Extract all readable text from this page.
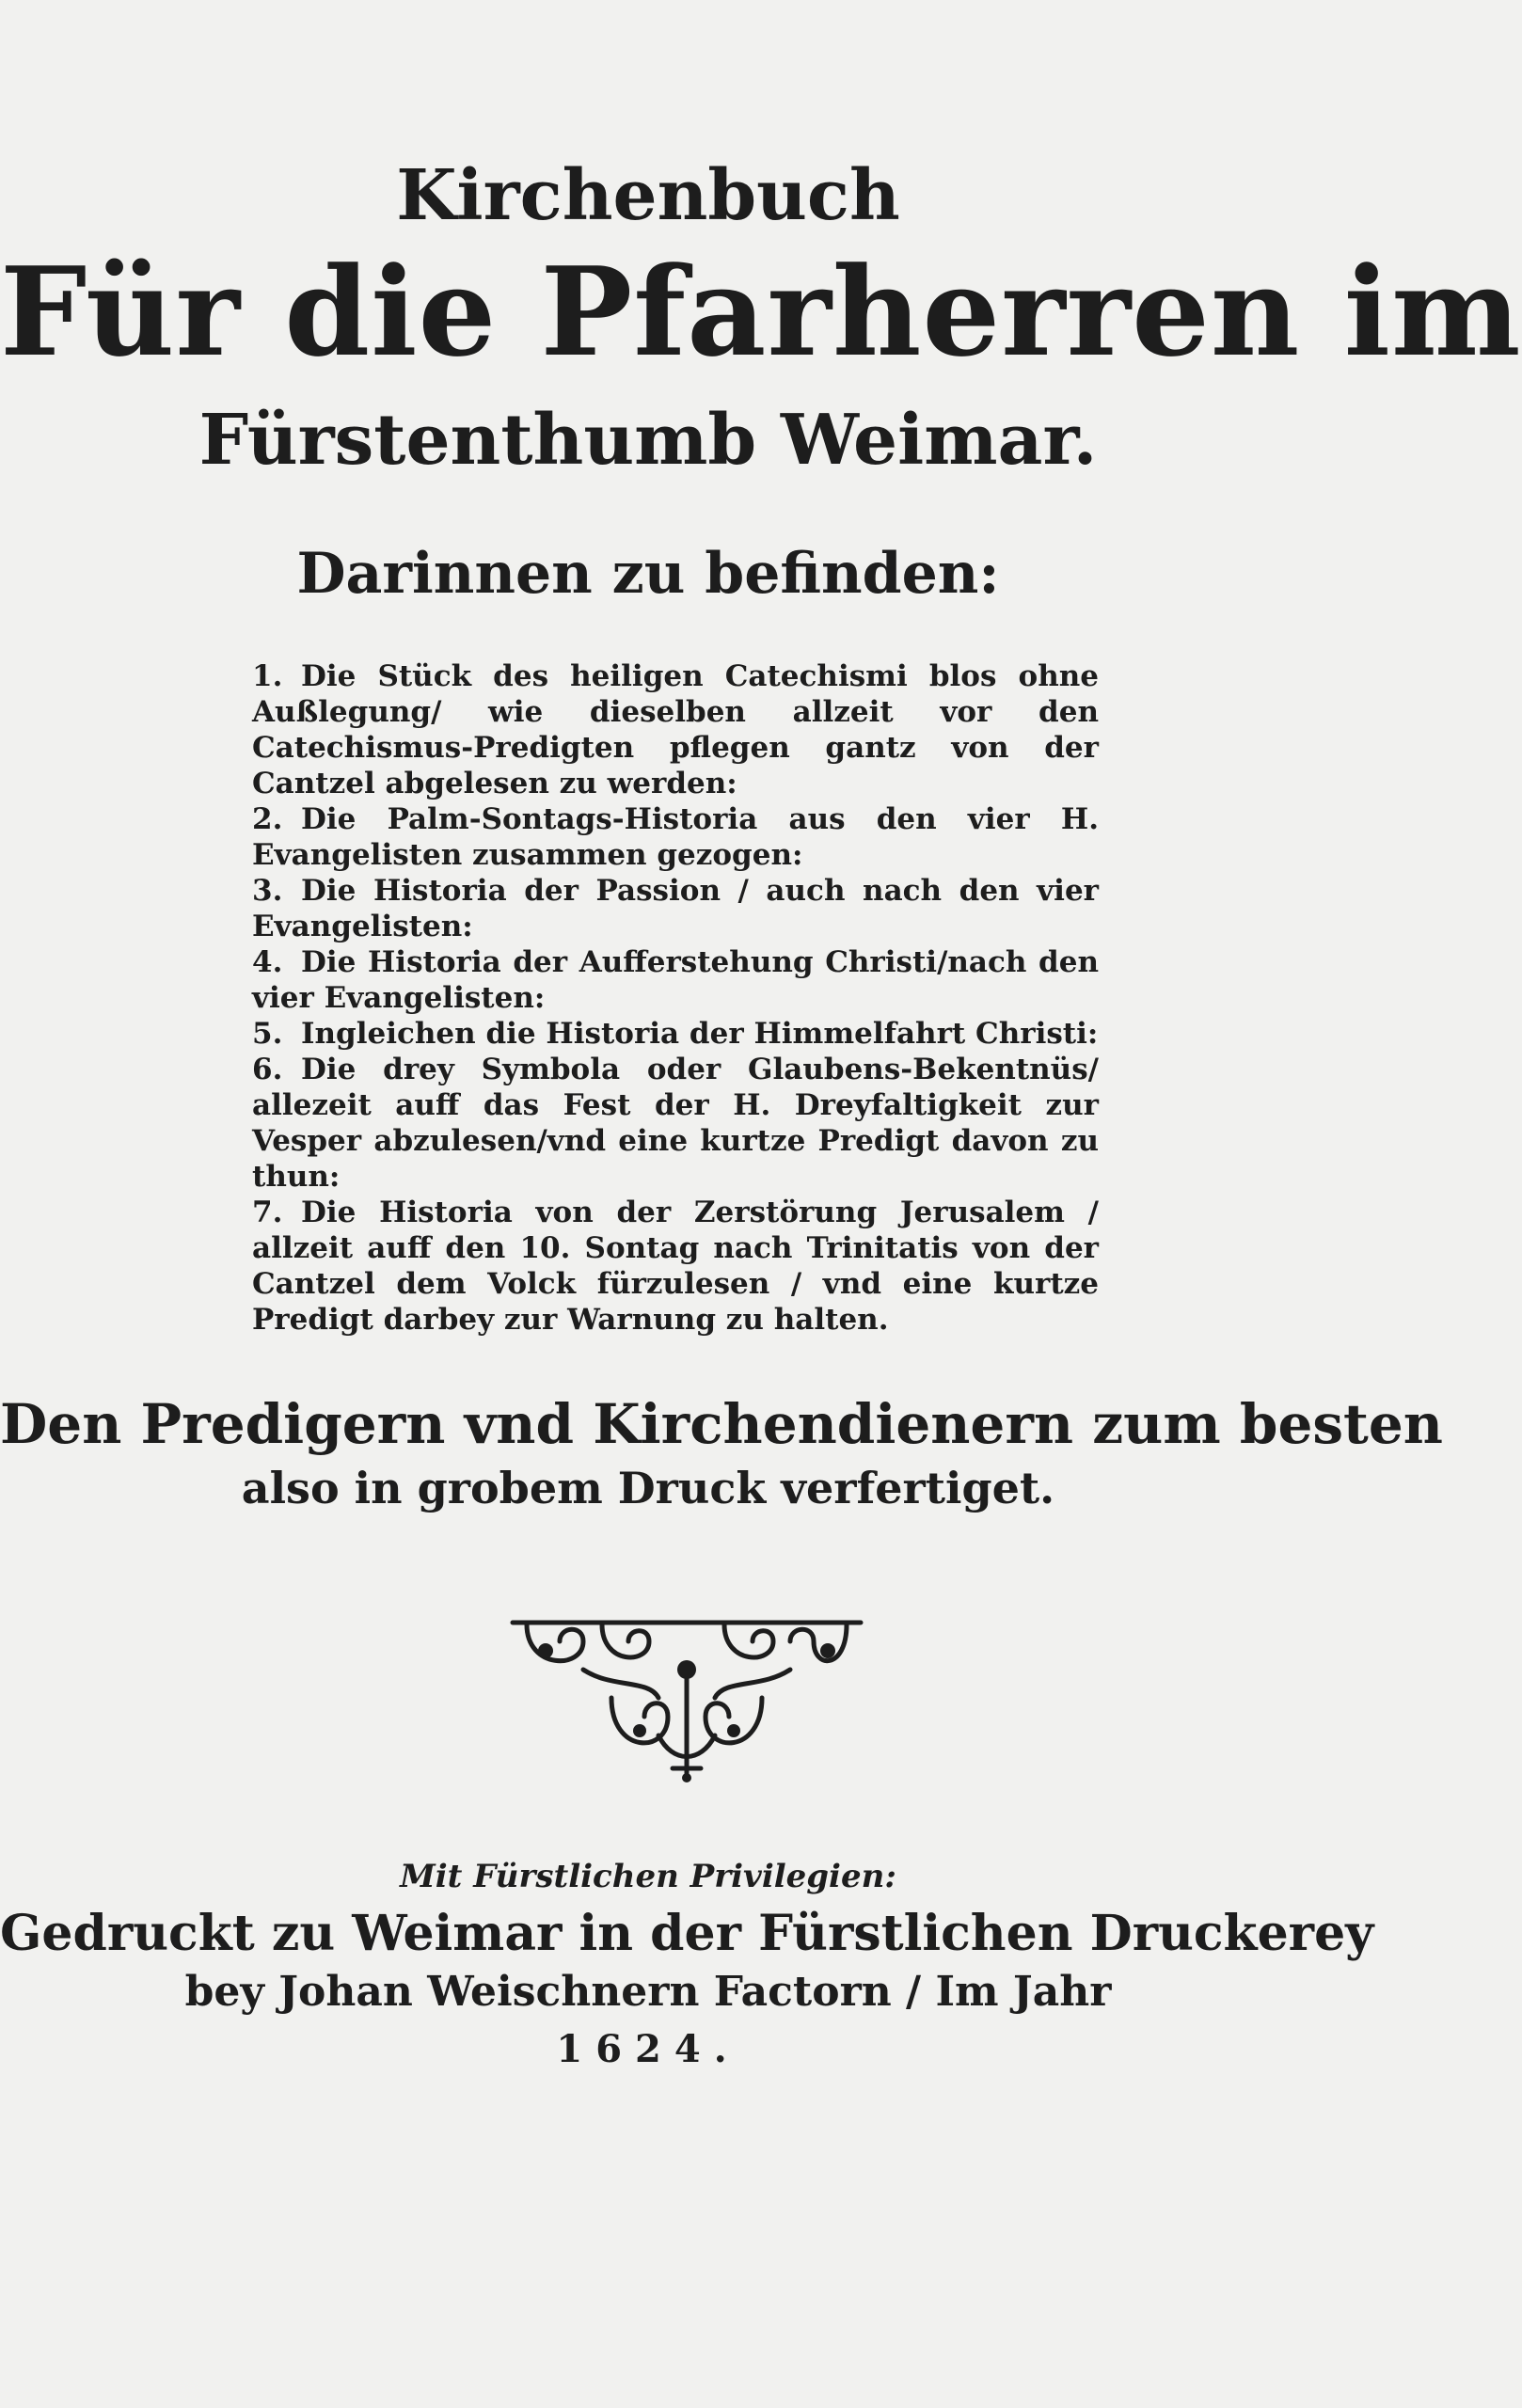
Kirchenbuch
Für die Pfarherren im
Fürstenthumb Weimar.
Darinnen zu befinden:

1. Die Stück des heiligen Catechismi blos ohne Außlegung/ wie dieselben allzeit vor den Catechismus-Predigten pflegen gantz von der Cantzel abgelesen zu werden:

2. Die Palm-Sontags-Historia aus den vier H. Evangelisten zusammen gezogen:

3. Die Historia der Passion / auch nach den vier Evangelisten:

4. Die Historia der Aufferstehung Christi/nach den vier Evangelisten:

5. Ingleichen die Historia der Himmelfahrt Christi:

6. Die drey Symbola oder Glaubens-Bekentnüs/ allezeit auff das Fest der H. Dreyfaltigkeit zur Vesper abzulesen/vnd eine kurtze Predigt davon zu thun:

7. Die Historia von der Zerstörung Jerusalem / allzeit auff den 10. Sontag nach Trinitatis von der Cantzel dem Volck fürzulesen / vnd eine kurtze Predigt darbey zur Warnung zu halten.

Den Predigern vnd Kirchendienern zum besten
also in grobem Druck verfertiget.
Mit Fürstlichen Privilegien:
Gedruckt zu Weimar in der Fürstlichen Druckerey
bey Johan Weischnern Factorn / Im Jahr
1624.
